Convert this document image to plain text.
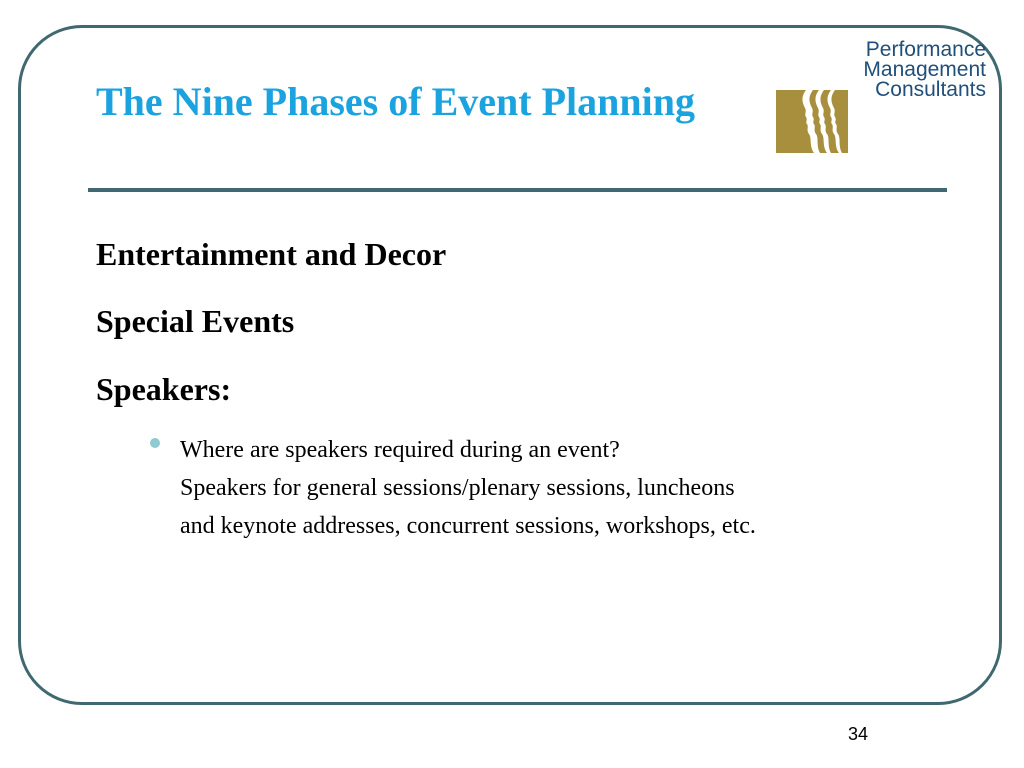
The Nine Phases of Event Planning
Performance
Management
Consultants
Entertainment and Decor
Special Events
Speakers:
Where are speakers required during an event?
Speakers for general sessions/plenary sessions, luncheons
and keynote addresses, concurrent sessions, workshops, etc.
34
